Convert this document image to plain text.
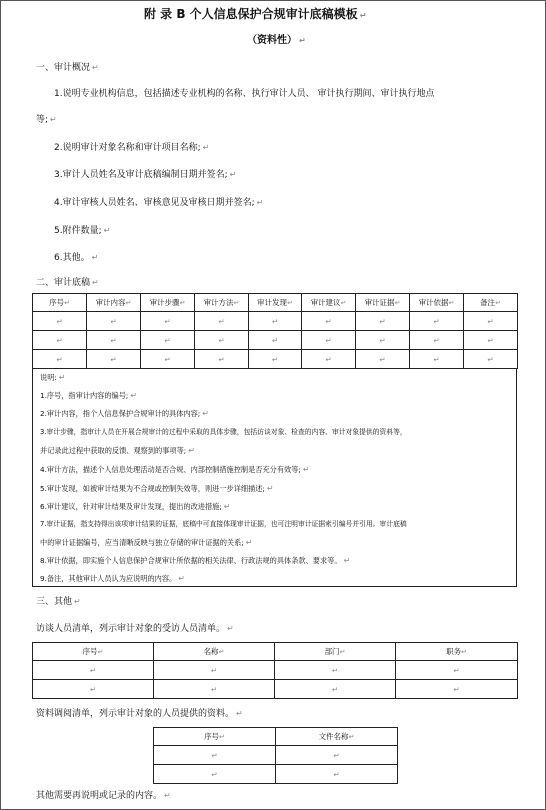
附 录 B 个人信息保护合规审计底稿模板 ↵
（资料性） ↵
一、审计概况 ↵
1.说明专业机构信息，包括描述专业机构的名称、执行审计人员、 审计执行期间、审计执行地点
等; ↵
2.说明审计对象名称和审计项目名称; ↵
3.审计人员姓名及审计底稿编制日期并签名; ↵
4.审计审核人员姓名、审核意见及审核日期并签名; ↵
5.附件数量; ↵
6.其他。 ↵
二、审计底稿 ↵
序号↵	审计内容↵	审计步骤↵	审计方法↵	审计发现↵	审计建议↵	审计证据↵	审计依据↵	备注↵
↵	↵	↵	↵	↵	↵	↵	↵	↵
↵	↵	↵	↵	↵	↵	↵	↵	↵
↵	↵	↵	↵	↵	↵	↵	↵	↵
说明: ↵
1.序号，指审计内容的编号; ↵
2.审计内容，指个人信息保护合规审计的具体内容; ↵
3.审计步骤，指审计人员在开展合规审计的过程中采取的具体步骤，包括访谈对象、检查的内容、审计对象提供的资料等，
并记录此过程中获取的反馈、观察到的事项等; ↵
4.审计方法，描述个人信息处理活动是否合规、内部控制措施控制是否充分有效等; ↵
5.审计发现，如被审计结果为不合规或控制失效等，则进一步详细描述; ↵
6.审计建议，针对审计结果及审计发现，提出的改进措施; ↵
7.审计证据，指支持得出该项审计结果的证据，底稿中可直接体现审计证据，也可注明审计证据索引编号并引用。审计底稿
中的审计证据编号，应当清晰反映与独立存储的审计证据的关系; ↵
8.审计依据，即实施个人信息保护合规审计所依据的相关法律、行政法规的具体条款、要求等。 ↵
9.备注，其他审计人员认为应说明的内容。 ↵
三、其他 ↵
访谈人员清单，列示审计对象的受访人员清单。 ↵
序号↵	名称↵	部门↵	职务↵
↵	↵	↵	↵
↵	↵	↵	↵
资料调阅清单，列示审计对象的人员提供的资料。 ↵
序号↵	文件名称↵
↵	↵
↵	↵
其他需要再说明或记录的内容。 ↵
